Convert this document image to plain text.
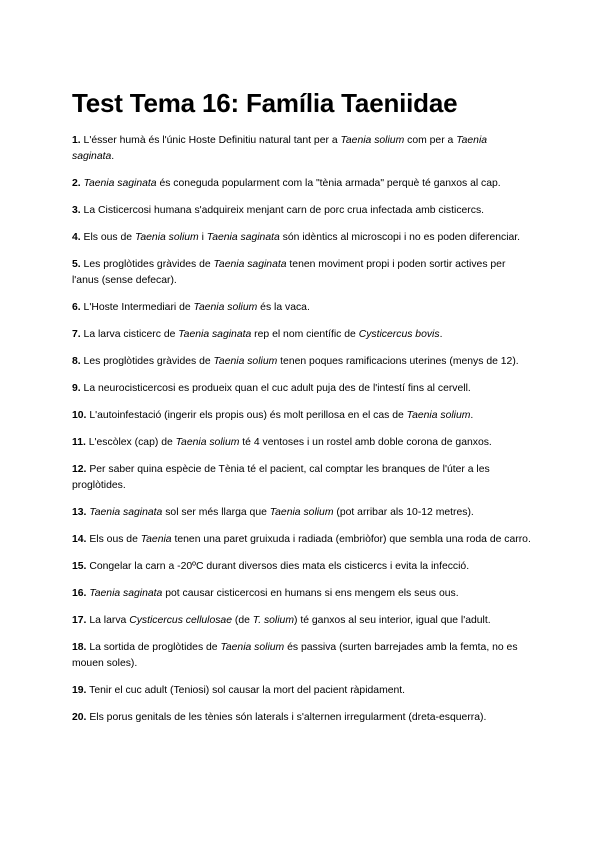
Test Tema 16: Família Taeniidae
1. L'ésser humà és l'únic Hoste Definitiu natural tant per a Taenia solium com per a Taenia saginata.
2. Taenia saginata és coneguda popularment com la "tènia armada" perquè té ganxos al cap.
3. La Cisticercosi humana s'adquireix menjant carn de porc crua infectada amb cisticercs.
4. Els ous de Taenia solium i Taenia saginata són idèntics al microscopi i no es poden diferenciar.
5. Les proglòtides gràvides de Taenia saginata tenen moviment propi i poden sortir actives per l'anus (sense defecar).
6. L'Hoste Intermediari de Taenia solium és la vaca.
7. La larva cisticerc de Taenia saginata rep el nom científic de Cysticercus bovis.
8. Les proglòtides gràvides de Taenia solium tenen poques ramificacions uterines (menys de 12).
9. La neurocisticercosi es produeix quan el cuc adult puja des de l'intestí fins al cervell.
10. L'autoinfestació (ingerir els propis ous) és molt perillosa en el cas de Taenia solium.
11. L'escòlex (cap) de Taenia solium té 4 ventoses i un rostel amb doble corona de ganxos.
12. Per saber quina espècie de Tènia té el pacient, cal comptar les branques de l'úter a les proglòtides.
13. Taenia saginata sol ser més llarga que Taenia solium (pot arribar als 10-12 metres).
14. Els ous de Taenia tenen una paret gruixuda i radiada (embriòfor) que sembla una roda de carro.
15. Congelar la carn a -20ºC durant diversos dies mata els cisticercs i evita la infecció.
16. Taenia saginata pot causar cisticercosi en humans si ens mengem els seus ous.
17. La larva Cysticercus cellulosae (de T. solium) té ganxos al seu interior, igual que l'adult.
18. La sortida de proglòtides de Taenia solium és passiva (surten barrejades amb la femta, no es mouen soles).
19. Tenir el cuc adult (Teniosi) sol causar la mort del pacient ràpidament.
20. Els porus genitals de les tènies són laterals i s'alternen irregularment (dreta-esquerra).
